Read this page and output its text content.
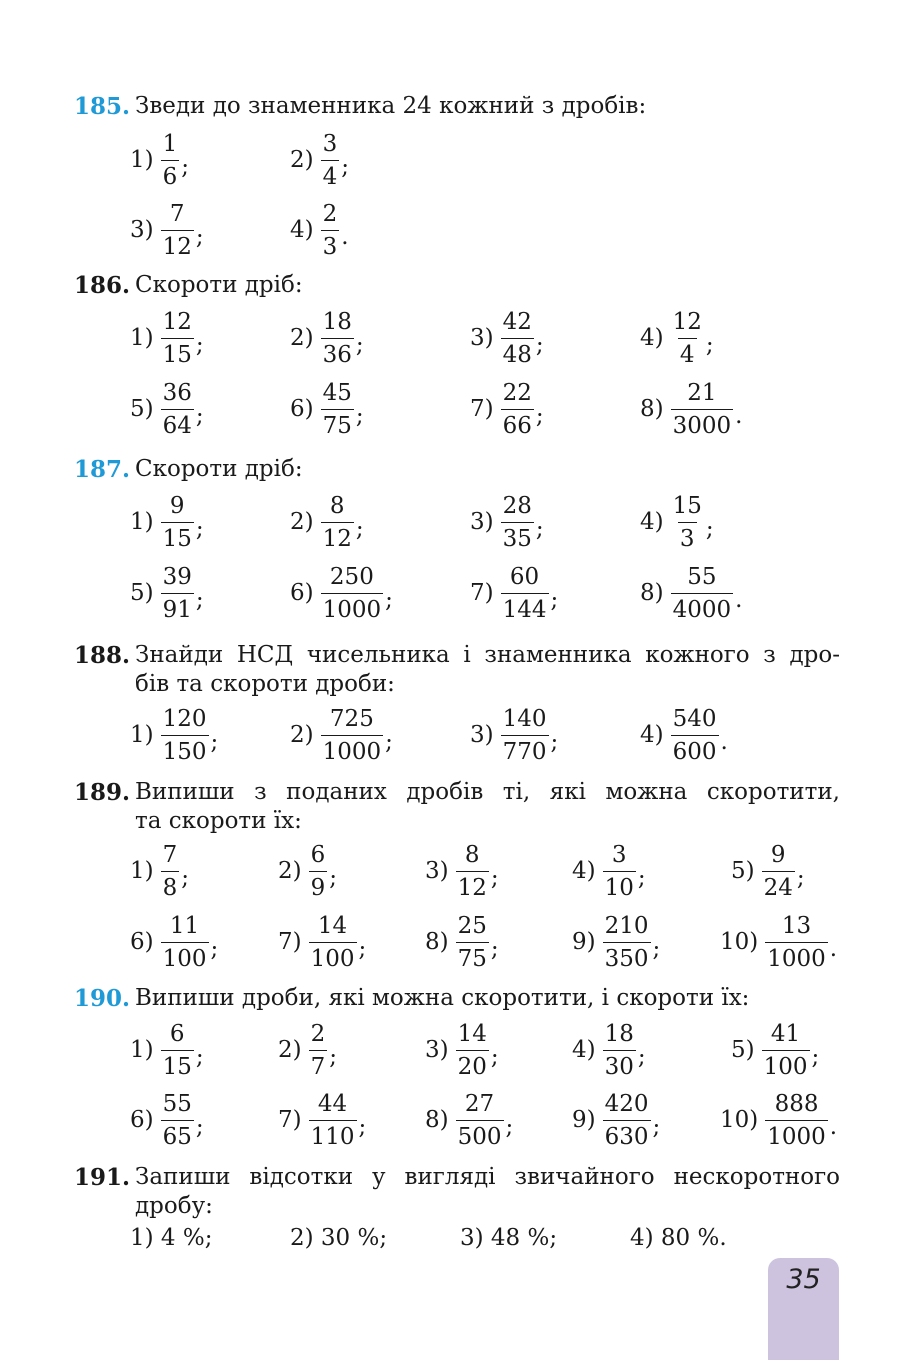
185. Зведи до знаменника 24 кожний з дробів:
186. Скороти дріб:
187. Скороти дріб:
188. Знайди НСД чисельника і знаменника кожного з дро-
бів та скороти дроби:
189. Випиши з поданих дробів ті, які можна скоротити,
та скороти їх:
190. Випиши дроби, які можна скоротити, і скороти їх:
191. Запиши відсотки у вигляді звичайного нескоротного
дробу:
1) 4 %;	2) 30 %;	3) 48 %;	4) 80 %.
35
$1) \frac{1}{6}$ ;	$2) \frac{3}{4}$ ;
$3) \frac{7}{12}$ ;	$4) \frac{2}{3}$ .
$1) \frac{12}{15}$ ;	$2) \frac{18}{36}$ ;	$3) \frac{42}{48}$ ;	$4) \frac{12}{4}$ ;
$5) \frac{36}{64}$ ;	$6) \frac{45}{75}$ ;	$7) \frac{22}{66}$ ;	$8) \frac{21}{3000}$ .
$1) \frac{9}{15}$ ;	$2) \frac{8}{12}$ ;	$3) \frac{28}{35}$ ;	$4) \frac{15}{3}$ ;
$5) \frac{39}{91}$ ;	$6) \frac{250}{1000}$ ;	$7) \frac{60}{144}$ ;	$8) \frac{55}{4000}$ .
$1) \frac{120}{150}$ ;	$2) \frac{725}{1000}$ ;	$3) \frac{140}{770}$ ;	$4) \frac{540}{600}$ .
$1) \frac{7}{8}$ ;	$2) \frac{6}{9}$ ;	$3) \frac{8}{12}$ ;	$4) \frac{3}{10}$ ;	$5) \frac{9}{24}$ ;
$6) \frac{11}{100}$ ;	$7) \frac{14}{100}$ ;	$8) \frac{25}{75}$ ;	$9) \frac{210}{350}$ ;	$10) \frac{13}{1000}$ .
$1) \frac{6}{15}$ ;	$2) \frac{2}{7}$ ;	$3) \frac{14}{20}$ ;	$4) \frac{18}{30}$ ;	$5) \frac{41}{100}$ ;
$6) \frac{55}{65}$ ;	$7) \frac{44}{110}$ ;	$8) \frac{27}{500}$ ;	$9) \frac{420}{630}$ ;	$10) \frac{888}{1000}$ .
